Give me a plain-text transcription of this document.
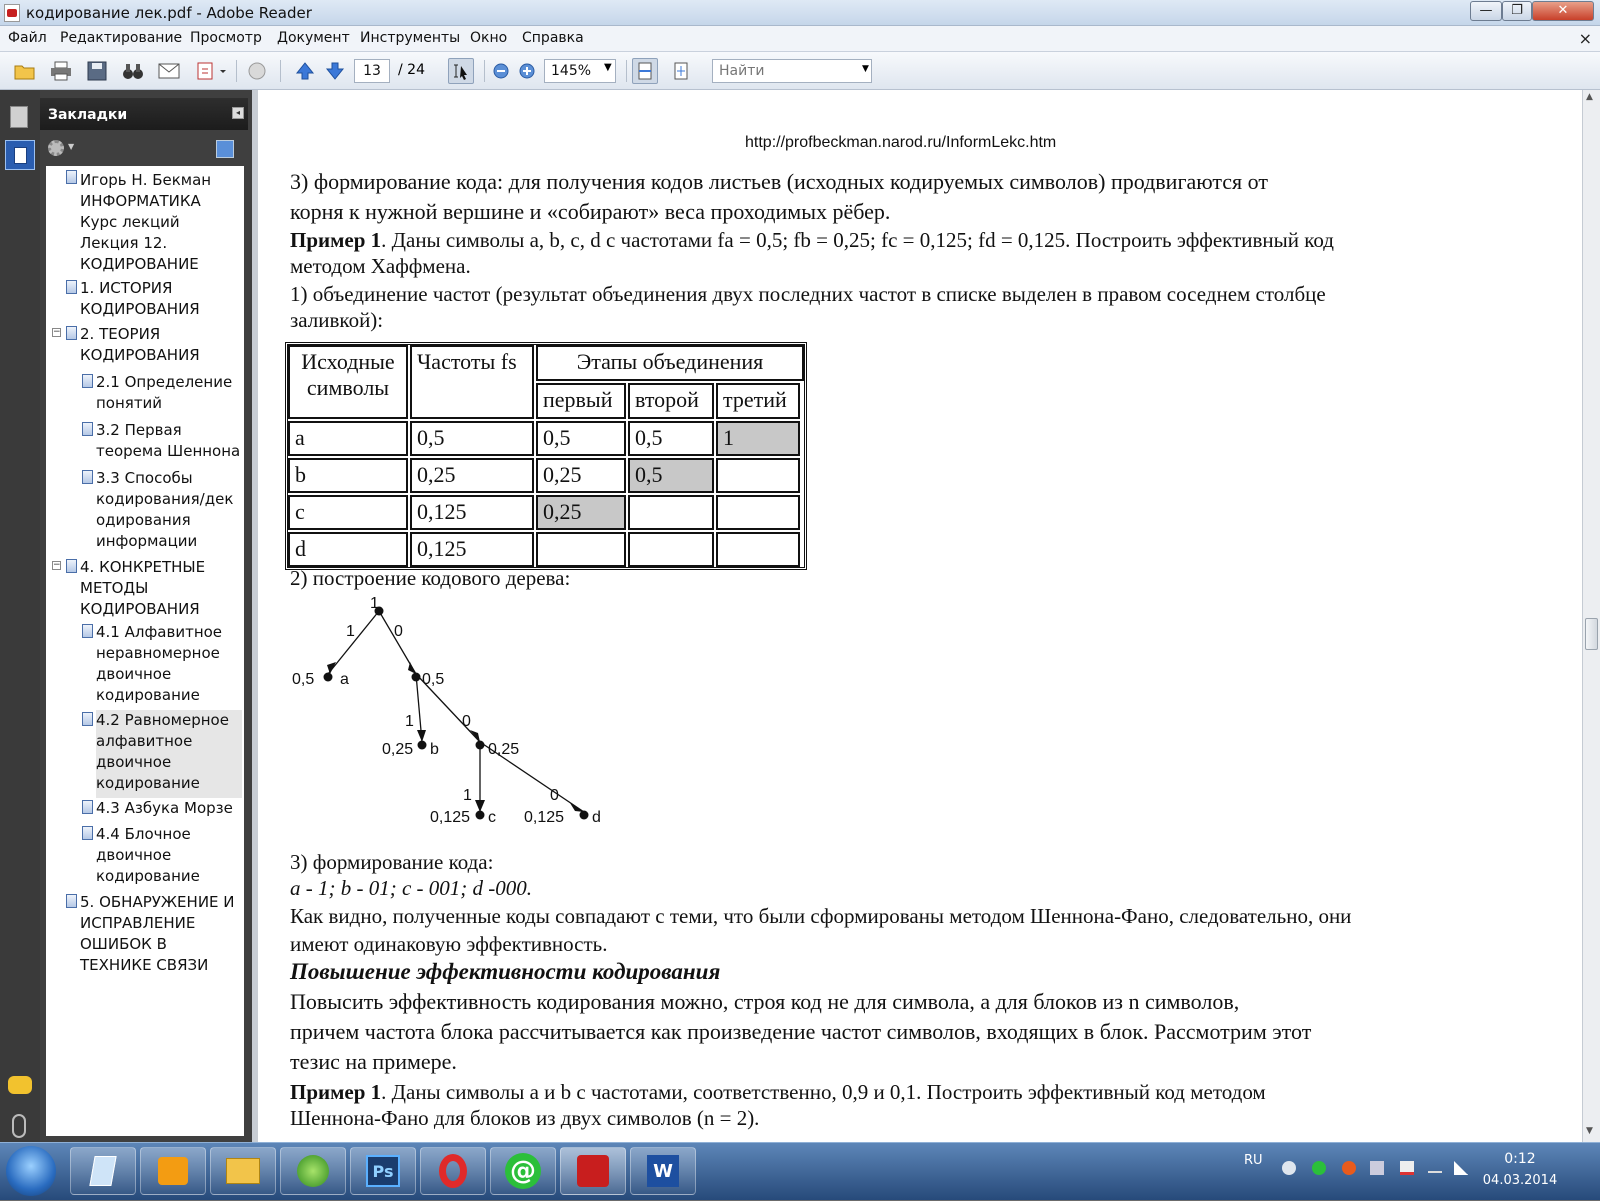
кодирование лек.pdf - Adobe Reader	—	❐	✕
Файл Редактирование Просмотр Документ Инструменты Окно Справка	×
13	/ 24	145%	▼	Найти	▼
Закладки	◂
▼
Игорь Н. Бекман
ИНФОРМАТИКА
Курс лекций
Лекция 12.
КОДИРОВАНИЕ
1. ИСТОРИЯ
КОДИРОВАНИЯ
− 2. ТЕОРИЯ
КОДИРОВАНИЯ
2.1 Определение
понятий
3.2 Первая
теорема Шеннона
3.3 Способы
кодирования/дек
одирования
информации
− 4. КОНКРЕТНЫЕ
МЕТОДЫ
КОДИРОВАНИЯ
4.1 Алфавитное
неравномерное
двоичное
кодирование
4.2 Равномерное
алфавитное
двоичное
кодирование
4.3 Азбука Морзе
4.4 Блочное
двоичное
кодирование
5. ОБНАРУЖЕНИЕ И
ИСПРАВЛЕНИЕ
ОШИБОК В
ТЕХНИКЕ СВЯЗИ
http://profbeckman.narod.ru/InformLekc.htm
3) формирование кода: для получения кодов листьев (исходных кодируемых символов) продвигаются от
корня к нужной вершине и «собирают» веса проходимых рёбер.
Пример 1. Даны символы a, b, c, d с частотами fa = 0,5; fb = 0,25; fc = 0,125; fd = 0,125. Построить эффективный код
методом Хаффмена.
1) объединение частот (результат объединения двух последних частот в списке выделен в правом соседнем столбце
заливкой):
Исходные символы
Частоты fs	Этапы объединения
первый	второй	третий
a	0,5	0,5	0,5	1
b	0,25	0,25	0,5
c	0,125	0,25
d	0,125
2) построение кодового дерева:
1
1 0
0,5 a	0,5
1	0
0,25 b	0,25
1	0
0,125 c 0,125 d
3) формирование кода:
a - 1; b - 01; c - 001; d -000.
Как видно, полученные коды совпадают с теми, что были сформированы методом Шеннона-Фано, следовательно, они
имеют одинаковую эффективность.
Повышение эффективности кодирования
Повысить эффективность кодирования можно, строя код не для символа, а для блоков из n символов,
причем частота блока рассчитывается как произведение частот символов, входящих в блок. Рассмотрим этот
тезис на примере.
Пример 1. Даны символы a и b с частотами, соответственно, 0,9 и 0,1. Построить эффективный код методом
Шеннона-Фано для блоков из двух символов (n = 2).
▲
▼
Ps	@	W	RU	0:12
04.03.2014
